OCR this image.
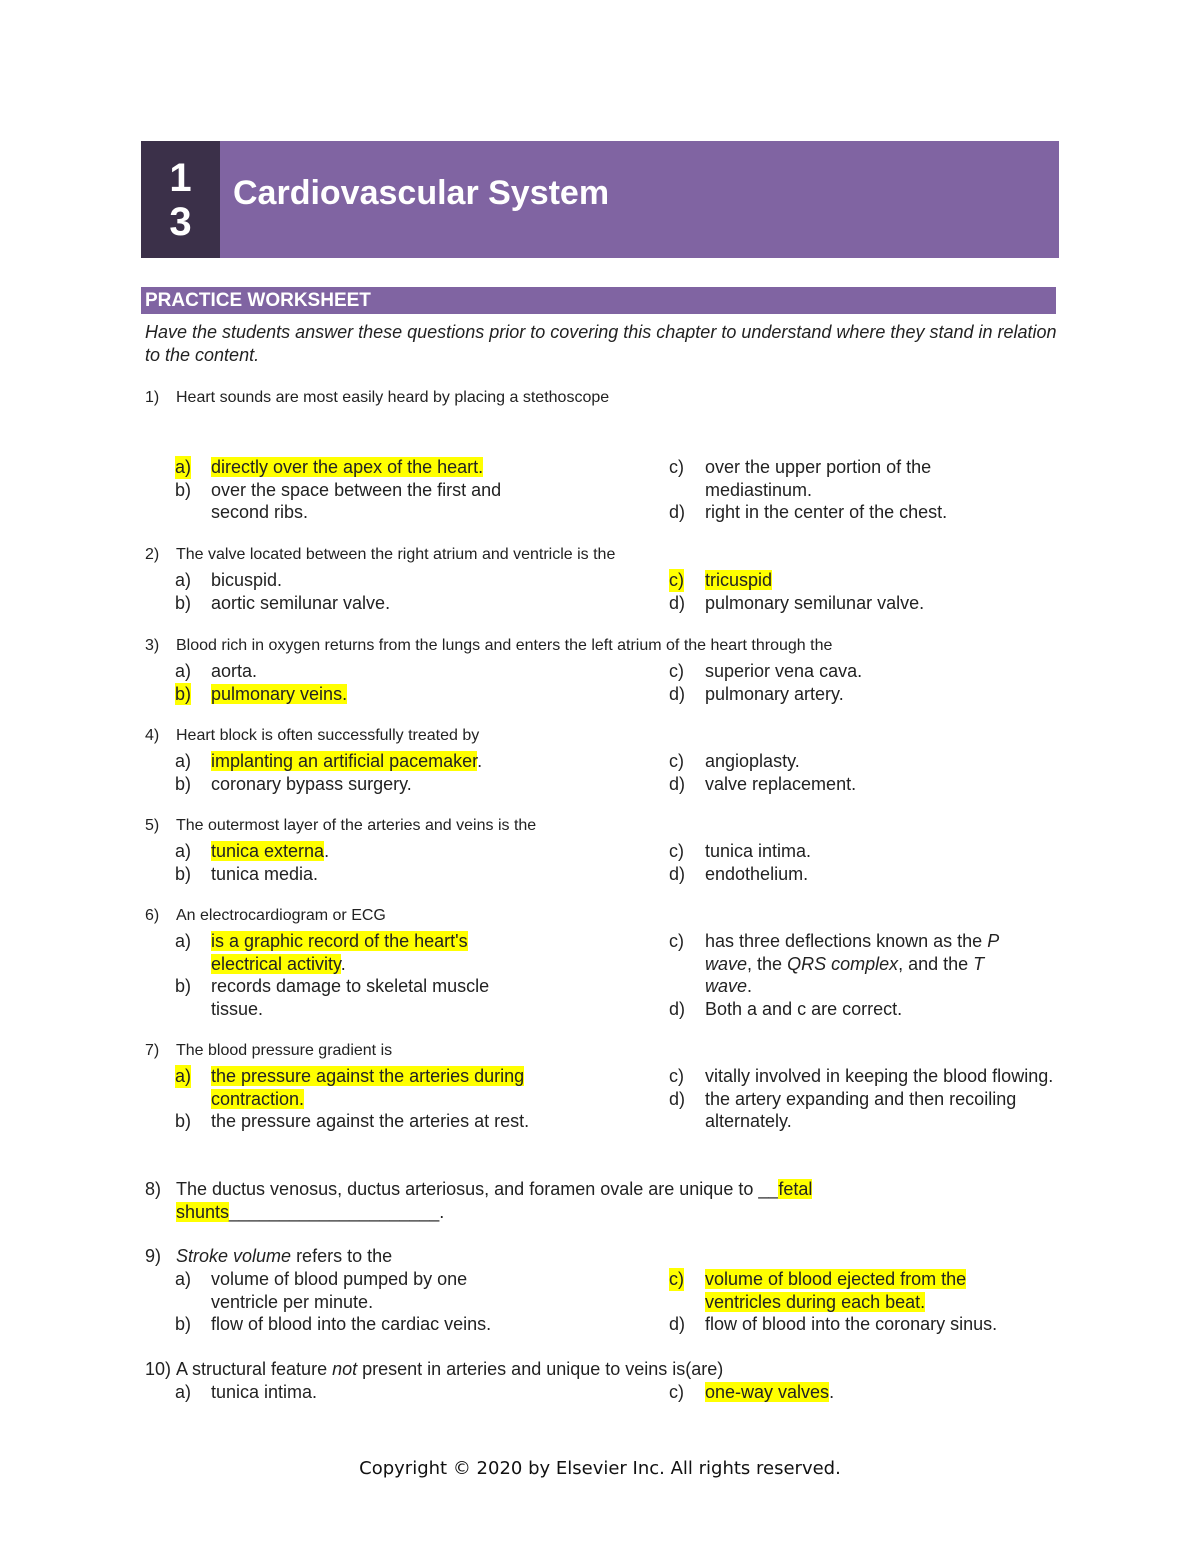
1
3
Cardiovascular System
PRACTICE WORKSHEET
Have the students answer these questions prior to covering this chapter to understand where they stand in relation to the content.
1) Heart sounds are most easily heard by placing a stethoscope
a) directly over the apex of the heart.
b) over the space between the first and second ribs.
c) over the upper portion of the mediastinum.
d) right in the center of the chest.
2) The valve located between the right atrium and ventricle is the
a) bicuspid.
b) aortic semilunar valve.
c) tricuspid
d) pulmonary semilunar valve.
3) Blood rich in oxygen returns from the lungs and enters the left atrium of the heart through the
a) aorta.
b) pulmonary veins.
c) superior vena cava.
d) pulmonary artery.
4) Heart block is often successfully treated by
a) implanting an artificial pacemaker.
b) coronary bypass surgery.
c) angioplasty.
d) valve replacement.
5) The outermost layer of the arteries and veins is the
a) tunica externa.
b) tunica media.
c) tunica intima.
d) endothelium.
6) An electrocardiogram or ECG
a) is a graphic record of the heart's electrical activity.
b) records damage to skeletal muscle tissue.
c) has three deflections known as the P wave, the QRS complex, and the T wave.
d) Both a and c are correct.
7) The blood pressure gradient is
a) the pressure against the arteries during contraction.
b) the pressure against the arteries at rest.
c) vitally involved in keeping the blood flowing.
d) the artery expanding and then recoiling alternately.
8) The ductus venosus, ductus arteriosus, and foramen ovale are unique to __fetal shunts_____________________.
9) Stroke volume refers to the
a) volume of blood pumped by one ventricle per minute.
b) flow of blood into the cardiac veins.
c) volume of blood ejected from the ventricles during each beat.
d) flow of blood into the coronary sinus.
10) A structural feature not present in arteries and unique to veins is(are)
a) tunica intima.	c) one-way valves.
Copyright © 2020 by Elsevier Inc. All rights reserved.
